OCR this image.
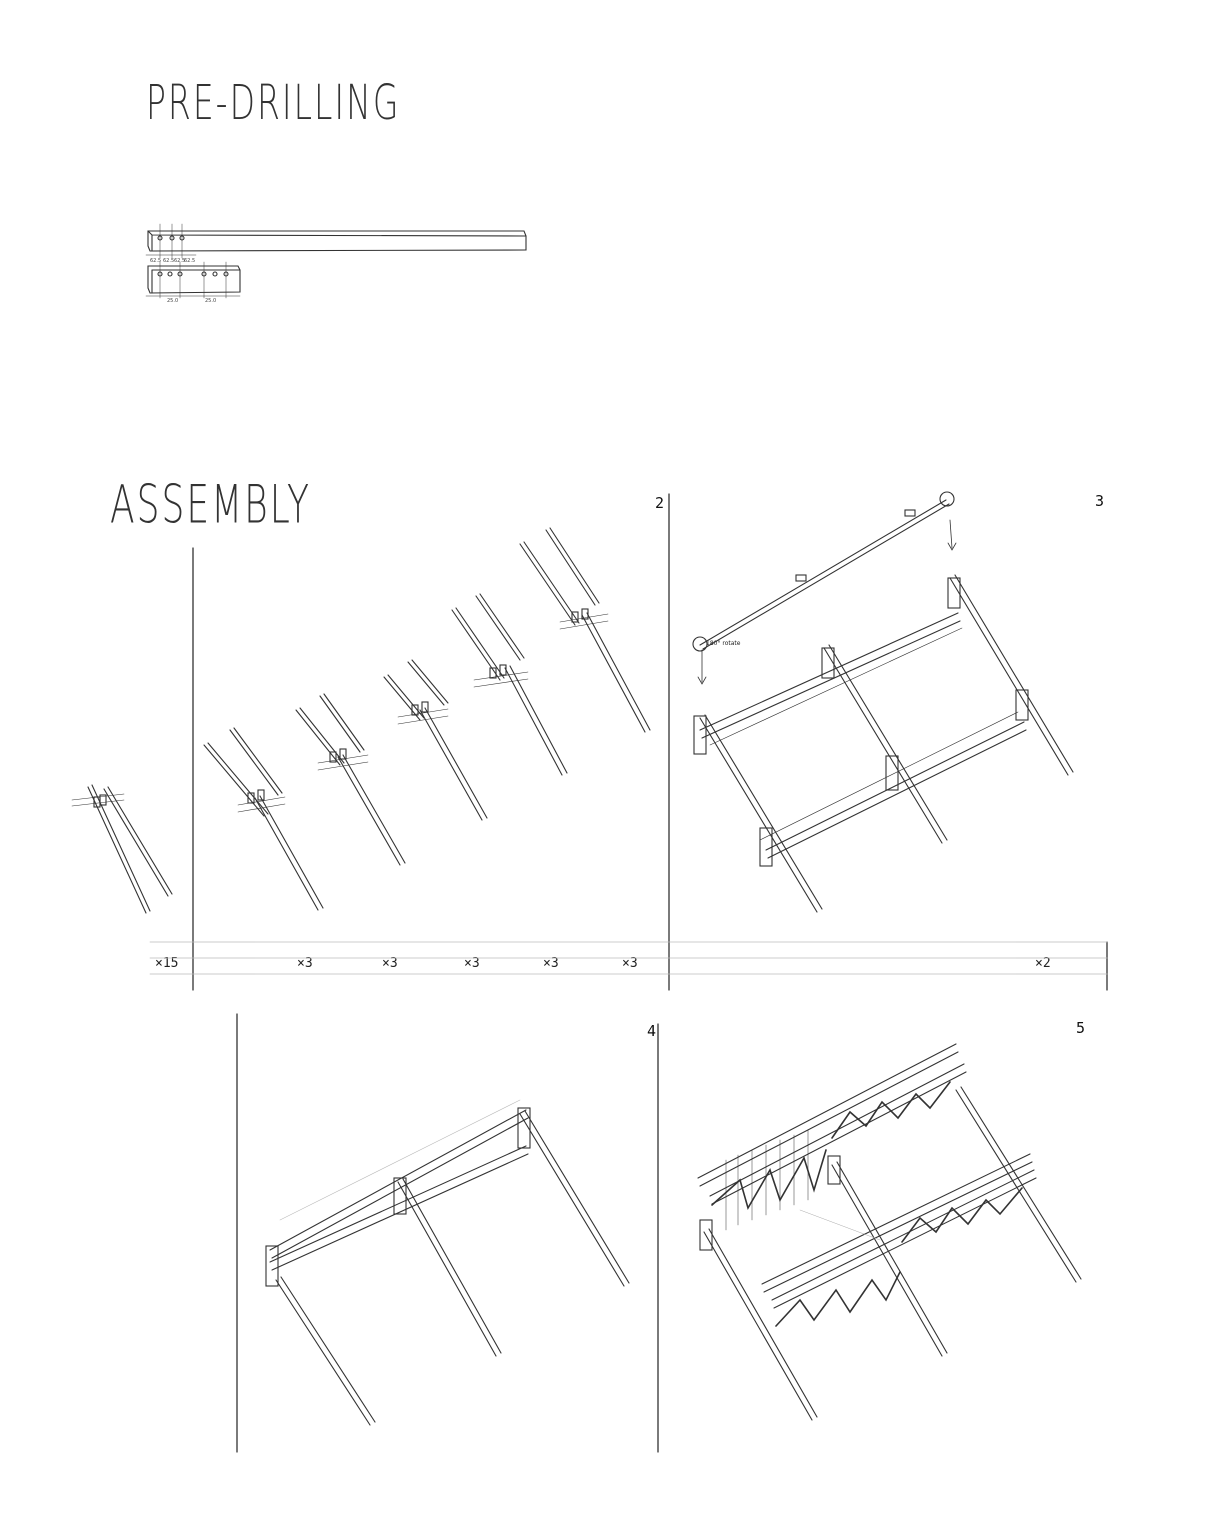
PRE-DRILLING
ASSEMBLY
62.5 62.5 62.5
62.5
25.0	25.0
2	3
4	5
×15	×3	×3	×3	×3	×3	×2
180° rotate
